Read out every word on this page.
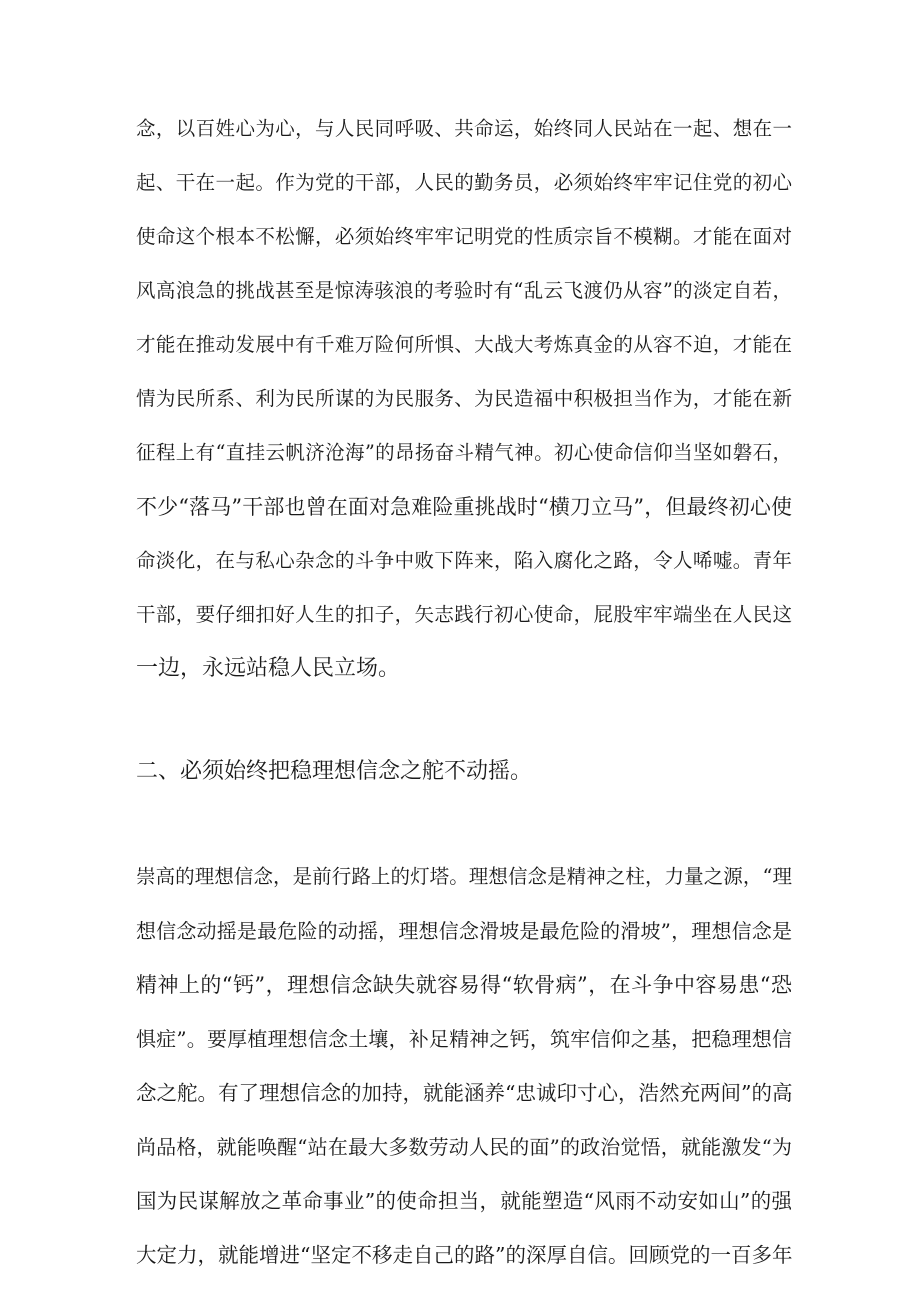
念，以百姓心为心，与人民同呼吸、共命运，始终同人民站在一起、想在一
起、干在一起。作为党的干部，人民的勤务员，必须始终牢牢记住党的初心
使命这个根本不松懈，必须始终牢牢记明党的性质宗旨不模糊。才能在面对
风高浪急的挑战甚至是惊涛骇浪的考验时有“乱云飞渡仍从容”的淡定自若，
才能在推动发展中有千难万险何所惧、大战大考炼真金的从容不迫，才能在
情为民所系、利为民所谋的为民服务、为民造福中积极担当作为，才能在新
征程上有“直挂云帆济沧海”的昂扬奋斗精气神。初心使命信仰当坚如磐石，
不少“落马”干部也曾在面对急难险重挑战时“横刀立马”，但最终初心使
命淡化，在与私心杂念的斗争中败下阵来，陷入腐化之路，令人唏嘘。青年
干部，要仔细扣好人生的扣子，矢志践行初心使命，屁股牢牢端坐在人民这
一边，永远站稳人民立场。
二、必须始终把稳理想信念之舵不动摇。
崇高的理想信念，是前行路上的灯塔。理想信念是精神之柱，力量之源，“理
想信念动摇是最危险的动摇，理想信念滑坡是最危险的滑坡”，理想信念是
精神上的“钙”，理想信念缺失就容易得“软骨病”，在斗争中容易患“恐
惧症”。要厚植理想信念土壤，补足精神之钙，筑牢信仰之基，把稳理想信
念之舵。有了理想信念的加持，就能涵养“忠诚印寸心，浩然充两间”的高
尚品格，就能唤醒“站在最大多数劳动人民的面”的政治觉悟，就能激发“为
国为民谋解放之革命事业”的使命担当，就能塑造“风雨不动安如山”的强
大定力，就能增进“坚定不移走自己的路”的深厚自信。回顾党的一百多年
